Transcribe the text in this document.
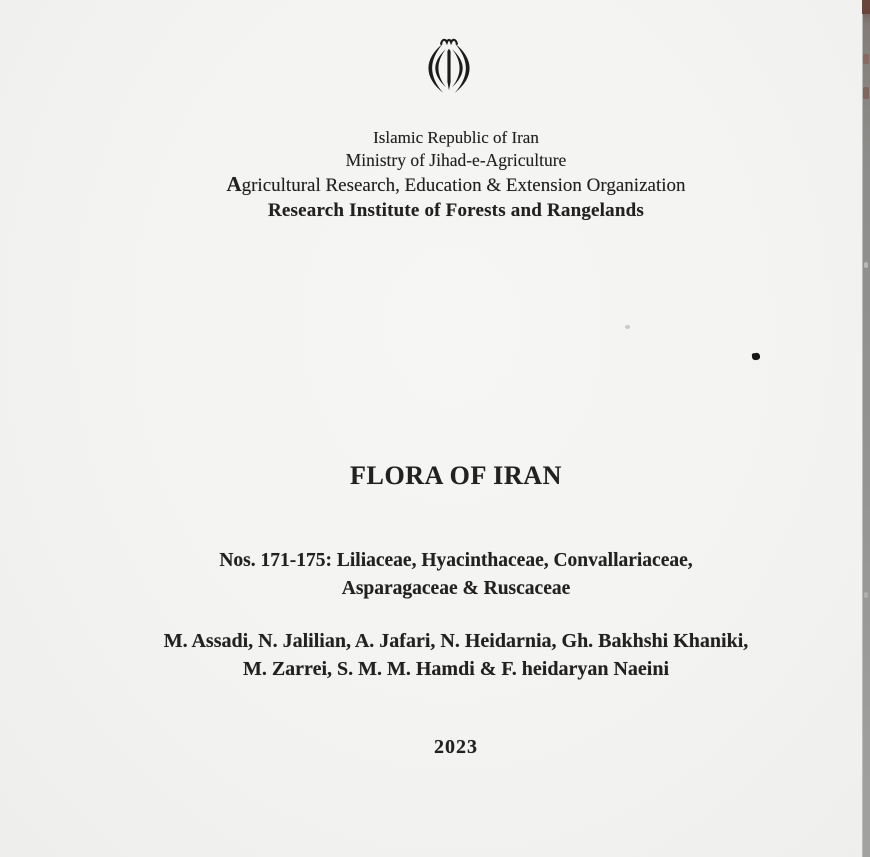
Islamic Republic of Iran
Ministry of Jihad-e-Agriculture
Agricultural Research, Education & Extension Organization
Research Institute of Forests and Rangelands
FLORA OF IRAN
Nos. 171-175: Liliaceae, Hyacinthaceae, Convallariaceae,
Asparagaceae & Ruscaceae
M. Assadi, N. Jalilian, A. Jafari, N. Heidarnia, Gh. Bakhshi Khaniki,
M. Zarrei, S. M. M. Hamdi & F. heidaryan Naeini
2023
